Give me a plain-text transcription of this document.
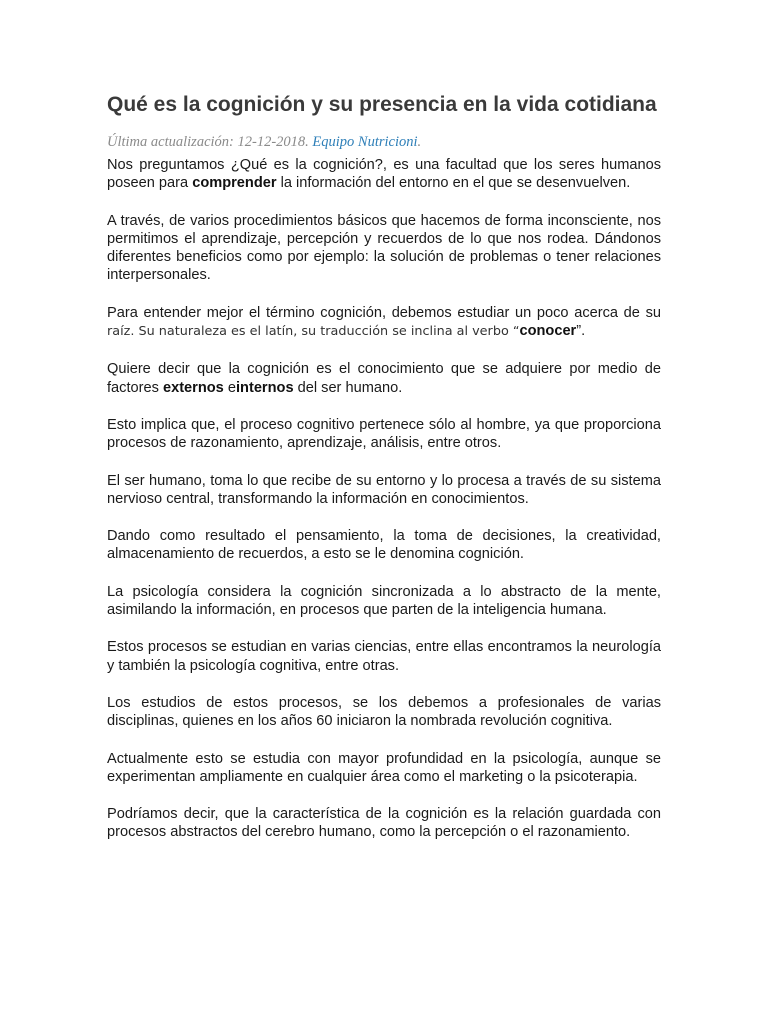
Qué es la cognición y su presencia en la vida cotidiana
Última actualización: 12-12-2018. Equipo Nutricioni.

Nos preguntamos ¿Qué es la cognición?, es una facultad que los seres humanos poseen para comprender la información del entorno en el que se desenvuelven.

A través, de varios procedimientos básicos que hacemos de forma inconsciente, nos permitimos el aprendizaje, percepción y recuerdos de lo que nos rodea. Dándonos diferentes beneficios como por ejemplo: la solución de problemas o tener relaciones interpersonales.

Para entender mejor el término cognición, debemos estudiar un poco acerca de su raíz. Su naturaleza es el latín, su traducción se inclina al verbo “conocer”.

Quiere decir que la cognición es el conocimiento que se adquiere por medio de factores externos einternos del ser humano.

Esto implica que, el proceso cognitivo pertenece sólo al hombre, ya que proporciona procesos de razonamiento, aprendizaje, análisis, entre otros.

El ser humano, toma lo que recibe de su entorno y lo procesa a través de su sistema nervioso central, transformando la información en conocimientos.

Dando como resultado el pensamiento, la toma de decisiones, la creatividad, almacenamiento de recuerdos, a esto se le denomina cognición.

La psicología considera la cognición sincronizada a lo abstracto de la mente, asimilando la información, en procesos que parten de la inteligencia humana.

Estos procesos se estudian en varias ciencias, entre ellas encontramos la neurología y también la psicología cognitiva, entre otras.

Los estudios de estos procesos, se los debemos a profesionales de varias disciplinas, quienes en los años 60 iniciaron la nombrada revolución cognitiva.

Actualmente esto se estudia con mayor profundidad en la psicología, aunque se experimentan ampliamente en cualquier área como el marketing o la psicoterapia.

Podríamos decir, que la característica de la cognición es la relación guardada con procesos abstractos del cerebro humano, como la percepción o el razonamiento.
